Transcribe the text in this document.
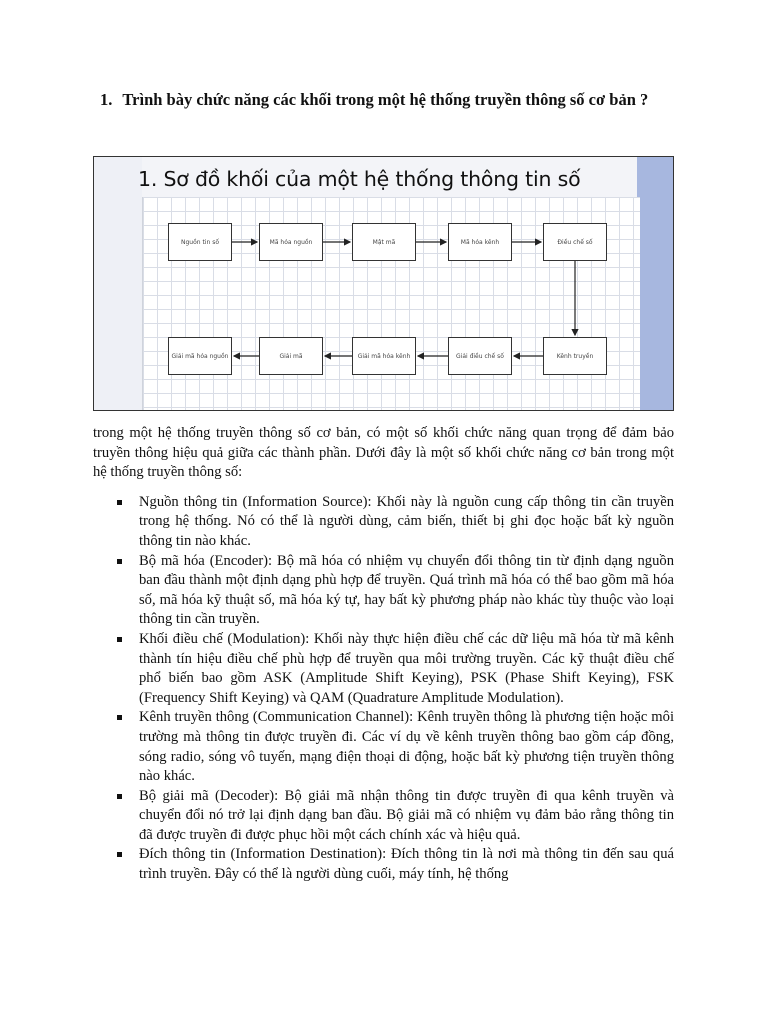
1. Trình bày chức năng các khối trong một hệ thống truyền thông số cơ bản ?
1. Sơ đồ khối của một hệ thống thông tin số
Nguồn tin số	Mã hóa nguồn	Mật mã	Mã hóa kênh	Điều chế số
Giải mã hóa nguồn	Giải mã	Giải mã hóa kênh	Giải điều chế số	Kênh truyền

trong một hệ thống truyền thông số cơ bản, có một số khối chức năng quan trọng để đảm bảo truyền thông hiệu quả giữa các thành phần. Dưới đây là một số khối chức năng cơ bản trong một hệ thống truyền thông số:

Nguồn thông tin (Information Source): Khối này là nguồn cung cấp thông tin cần truyền trong hệ thống. Nó có thể là người dùng, cảm biến, thiết bị ghi đọc hoặc bất kỳ nguồn thông tin nào khác.
Bộ mã hóa (Encoder): Bộ mã hóa có nhiệm vụ chuyển đổi thông tin từ định dạng nguồn ban đầu thành một định dạng phù hợp để truyền. Quá trình mã hóa có thể bao gồm mã hóa số, mã hóa kỹ thuật số, mã hóa ký tự, hay bất kỳ phương pháp nào khác tùy thuộc vào loại thông tin cần truyền.
Khối điều chế (Modulation): Khối này thực hiện điều chế các dữ liệu mã hóa từ mã kênh thành tín hiệu điều chế phù hợp để truyền qua môi trường truyền. Các kỹ thuật điều chế phổ biến bao gồm ASK (Amplitude Shift Keying), PSK (Phase Shift Keying), FSK (Frequency Shift Keying) và QAM (Quadrature Amplitude Modulation).
Kênh truyền thông (Communication Channel): Kênh truyền thông là phương tiện hoặc môi trường mà thông tin được truyền đi. Các ví dụ về kênh truyền thông bao gồm cáp đồng, sóng radio, sóng vô tuyến, mạng điện thoại di động, hoặc bất kỳ phương tiện truyền thông nào khác.
Bộ giải mã (Decoder): Bộ giải mã nhận thông tin được truyền đi qua kênh truyền và chuyển đổi nó trở lại định dạng ban đầu. Bộ giải mã có nhiệm vụ đảm bảo rằng thông tin đã được truyền đi được phục hồi một cách chính xác và hiệu quả.
Đích thông tin (Information Destination): Đích thông tin là nơi mà thông tin đến sau quá trình truyền. Đây có thể là người dùng cuối, máy tính, hệ thống
